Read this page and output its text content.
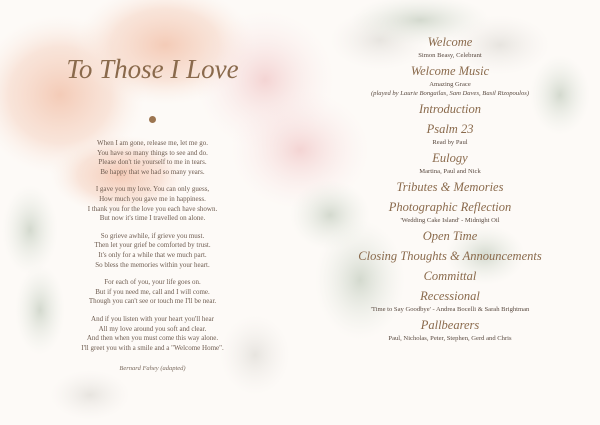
To Those I Love
When I am gone, release me, let me go.
You have so many things to see and do.
Please don't tie yourself to me in tears.
Be happy that we had so many years.
I gave you my love. You can only guess,
How much you gave me in happiness.
I thank you for the love you each have shown.
But now it's time I travelled on alone.
So grieve awhile, if grieve you must.
Then let your grief be comforted by trust.
It's only for a while that we much part.
So bless the memories within your heart.
For each of you, your life goes on.
But if you need me, call and I will come.
Though you can't see or touch me I'll be near.
And if you listen with your heart you'll hear
All my love around you soft and clear.
And then when you must come this way alone.
I'll greet you with a smile and a "Welcome Home".
Bernard Fahey (adapted)
Welcome
Simon Beasy, Celebrant
Welcome Music
Amazing Grace
(played by Laurie Bongailas, Sam Daves, Basil Rizopoulos)
Introduction
Psalm 23
Read by Paul
Eulogy
Martina, Paul and Nick
Tributes & Memories
Photographic Reflection
'Wedding Cake Island' - Midnight Oil
Open Time
Closing Thoughts & Announcements
Committal
Recessional
'Time to Say Goodbye' - Andrea Bocelli & Sarah Brightman
Pallbearers
Paul, Nicholas, Peter, Stephen, Gerd and Chris
